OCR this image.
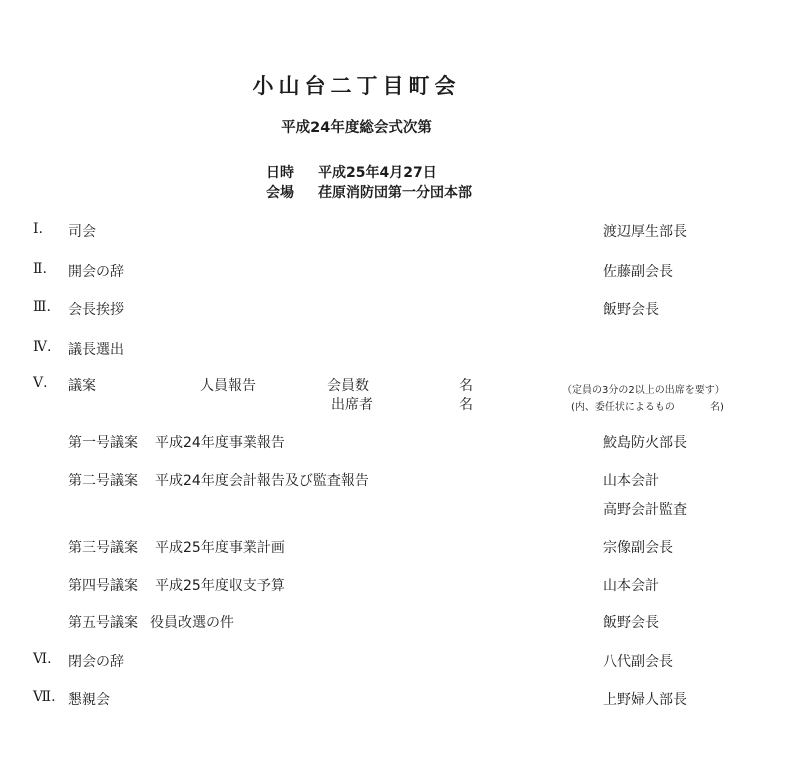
小山台二丁目町会
平成24年度総会式次第
日時 平成25年4月27日
会場 荏原消防団第一分団本部
Ⅰ. 司会	渡辺厚生部長
Ⅱ. 開会の辞	佐藤副会長
Ⅲ. 会長挨拶	飯野会長
Ⅳ. 議長選出
Ⅴ. 議案	人員報告	会員数	名
出席者	名
（定員の3分の2以上の出席を要す）
(内、委任状によるもの	名)
第一号議案 平成24年度事業報告	鮫島防火部長
第二号議案 平成24年度会計報告及び監査報告	山本会計
高野会計監査
第三号議案 平成25年度事業計画	宗像副会長
第四号議案 平成25年度収支予算	山本会計
第五号議案 役員改選の件	飯野会長
Ⅵ. 閉会の辞	八代副会長
Ⅶ. 懇親会	上野婦人部長
